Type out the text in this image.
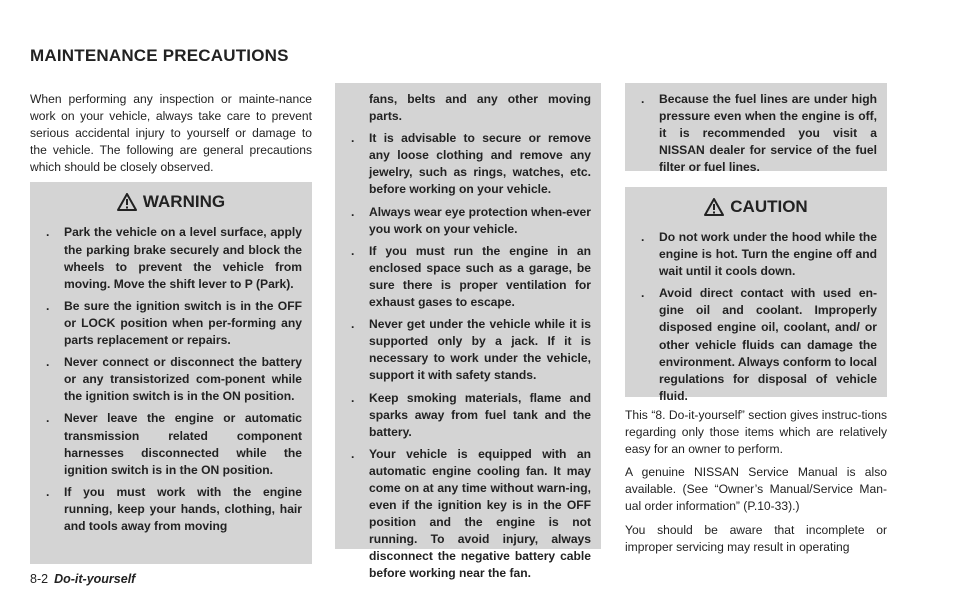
MAINTENANCE PRECAUTIONS

When performing any inspection or mainte-nance work on your vehicle, always take care to prevent serious accidental injury to yourself or damage to the vehicle. The following are general precautions which should be closely observed.

WARNING
. Park the vehicle on a level surface, apply the parking brake securely and block the wheels to prevent the vehicle from moving. Move the shift lever to P (Park).
. Be sure the ignition switch is in the OFF or LOCK position when per-forming any parts replacement or repairs.
. Never connect or disconnect the battery or any transistorized com-ponent while the ignition switch is in the ON position.
. Never leave the engine or automatic transmission related component harnesses disconnected while the ignition switch is in the ON position.
. If you must work with the engine running, keep your hands, clothing, hair and tools away from moving
fans, belts and any other moving parts.
. It is advisable to secure or remove any loose clothing and remove any jewelry, such as rings, watches, etc. before working on your vehicle.
. Always wear eye protection when-ever you work on your vehicle.
. If you must run the engine in an enclosed space such as a garage, be sure there is proper ventilation for exhaust gases to escape.
. Never get under the vehicle while it is supported only by a jack. If it is necessary to work under the vehicle, support it with safety stands.
. Keep smoking materials, flame and sparks away from fuel tank and the battery.
. Your vehicle is equipped with an automatic engine cooling fan. It may come on at any time without warn-ing, even if the ignition key is in the OFF position and the engine is not running. To avoid injury, always disconnect the negative battery cable before working near the fan.
. Because the fuel lines are under high pressure even when the engine is off, it is recommended you visit a NISSAN dealer for service of the fuel filter or fuel lines.
CAUTION
. Do not work under the hood while the engine is hot. Turn the engine off and wait until it cools down.
. Avoid direct contact with used en-gine oil and coolant. Improperly disposed engine oil, coolant, and/ or other vehicle fluids can damage the environment. Always conform to local regulations for disposal of vehicle fluid.

This “8. Do-it-yourself” section gives instruc-tions regarding only those items which are relatively easy for an owner to perform.

A genuine NISSAN Service Manual is also available. (See “Owner’s Manual/Service Man-ual order information” (P.10-33).)

You should be aware that incomplete or improper servicing may result in operating

8-2 Do-it-yourself
